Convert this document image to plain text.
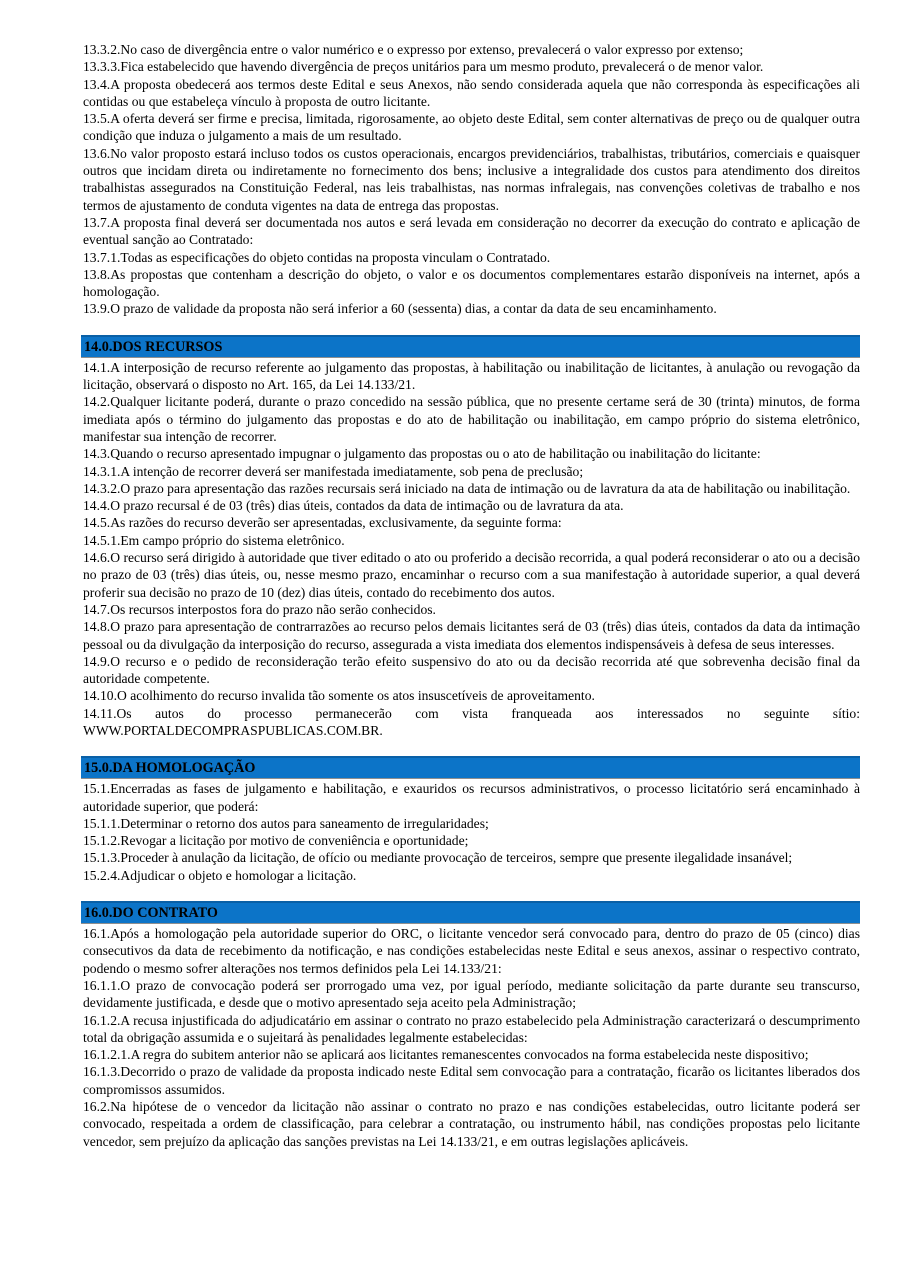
13.3.2.No caso de divergência entre o valor numérico e o expresso por extenso, prevalecerá o valor expresso por extenso;

13.3.3.Fica estabelecido que havendo divergência de preços unitários para um mesmo produto, prevalecerá o de menor valor.

13.4.A proposta obedecerá aos termos deste Edital e seus Anexos, não sendo considerada aquela que não corresponda às especificações ali contidas ou que estabeleça vínculo à proposta de outro licitante.

13.5.A oferta deverá ser firme e precisa, limitada, rigorosamente, ao objeto deste Edital, sem conter alternativas de preço ou de qualquer outra condição que induza o julgamento a mais de um resultado.

13.6.No valor proposto estará incluso todos os custos operacionais, encargos previdenciários, trabalhistas, tributários, comerciais e quaisquer outros que incidam direta ou indiretamente no fornecimento dos bens; inclusive a integralidade dos custos para atendimento dos direitos trabalhistas assegurados na Constituição Federal, nas leis trabalhistas, nas normas infralegais, nas convenções coletivas de trabalho e nos termos de ajustamento de conduta vigentes na data de entrega das propostas.

13.7.A proposta final deverá ser documentada nos autos e será levada em consideração no decorrer da execução do contrato e aplicação de eventual sanção ao Contratado:

13.7.1.Todas as especificações do objeto contidas na proposta vinculam o Contratado.

13.8.As propostas que contenham a descrição do objeto, o valor e os documentos complementares estarão disponíveis na internet, após a homologação.

13.9.O prazo de validade da proposta não será inferior a 60 (sessenta) dias, a contar da data de seu encaminhamento.

14.0.DOS RECURSOS

14.1.A interposição de recurso referente ao julgamento das propostas, à habilitação ou inabilitação de licitantes, à anulação ou revogação da licitação, observará o disposto no Art. 165, da Lei 14.133/21.

14.2.Qualquer licitante poderá, durante o prazo concedido na sessão pública, que no presente certame será de 30 (trinta) minutos, de forma imediata após o término do julgamento das propostas e do ato de habilitação ou inabilitação, em campo próprio do sistema eletrônico, manifestar sua intenção de recorrer.

14.3.Quando o recurso apresentado impugnar o julgamento das propostas ou o ato de habilitação ou inabilitação do licitante:

14.3.1.A intenção de recorrer deverá ser manifestada imediatamente, sob pena de preclusão;

14.3.2.O prazo para apresentação das razões recursais será iniciado na data de intimação ou de lavratura da ata de habilitação ou inabilitação.

14.4.O prazo recursal é de 03 (três) dias úteis, contados da data de intimação ou de lavratura da ata.

14.5.As razões do recurso deverão ser apresentadas, exclusivamente, da seguinte forma:

14.5.1.Em campo próprio do sistema eletrônico.

14.6.O recurso será dirigido à autoridade que tiver editado o ato ou proferido a decisão recorrida, a qual poderá reconsiderar o ato ou a decisão no prazo de 03 (três) dias úteis, ou, nesse mesmo prazo, encaminhar o recurso com a sua manifestação à autoridade superior, a qual deverá proferir sua decisão no prazo de 10 (dez) dias úteis, contado do recebimento dos autos.

14.7.Os recursos interpostos fora do prazo não serão conhecidos.

14.8.O prazo para apresentação de contrarrazões ao recurso pelos demais licitantes será de 03 (três) dias úteis, contados da data da intimação pessoal ou da divulgação da interposição do recurso, assegurada a vista imediata dos elementos indispensáveis à defesa de seus interesses.

14.9.O recurso e o pedido de reconsideração terão efeito suspensivo do ato ou da decisão recorrida até que sobrevenha decisão final da autoridade competente.

14.10.O acolhimento do recurso invalida tão somente os atos insuscetíveis de aproveitamento.

14.11.Os autos do processo permanecerão com vista franqueada aos interessados no seguinte sítio: WWW.PORTALDECOMPRASPUBLICAS.COM.BR.

15.0.DA HOMOLOGAÇÃO

15.1.Encerradas as fases de julgamento e habilitação, e exauridos os recursos administrativos, o processo licitatório será encaminhado à autoridade superior, que poderá:

15.1.1.Determinar o retorno dos autos para saneamento de irregularidades;

15.1.2.Revogar a licitação por motivo de conveniência e oportunidade;

15.1.3.Proceder à anulação da licitação, de ofício ou mediante provocação de terceiros, sempre que presente ilegalidade insanável;

15.2.4.Adjudicar o objeto e homologar a licitação.

16.0.DO CONTRATO

16.1.Após a homologação pela autoridade superior do ORC, o licitante vencedor será convocado para, dentro do prazo de 05 (cinco) dias consecutivos da data de recebimento da notificação, e nas condições estabelecidas neste Edital e seus anexos, assinar o respectivo contrato, podendo o mesmo sofrer alterações nos termos definidos pela Lei 14.133/21:

16.1.1.O prazo de convocação poderá ser prorrogado uma vez, por igual período, mediante solicitação da parte durante seu transcurso, devidamente justificada, e desde que o motivo apresentado seja aceito pela Administração;

16.1.2.A recusa injustificada do adjudicatário em assinar o contrato no prazo estabelecido pela Administração caracterizará o descumprimento total da obrigação assumida e o sujeitará às penalidades legalmente estabelecidas:

16.1.2.1.A regra do subitem anterior não se aplicará aos licitantes remanescentes convocados na forma estabelecida neste dispositivo;

16.1.3.Decorrido o prazo de validade da proposta indicado neste Edital sem convocação para a contratação, ficarão os licitantes liberados dos compromissos assumidos.

16.2.Na hipótese de o vencedor da licitação não assinar o contrato no prazo e nas condições estabelecidas, outro licitante poderá ser convocado, respeitada a ordem de classificação, para celebrar a contratação, ou instrumento hábil, nas condições propostas pelo licitante vencedor, sem prejuízo da aplicação das sanções previstas na Lei 14.133/21, e em outras legislações aplicáveis.
